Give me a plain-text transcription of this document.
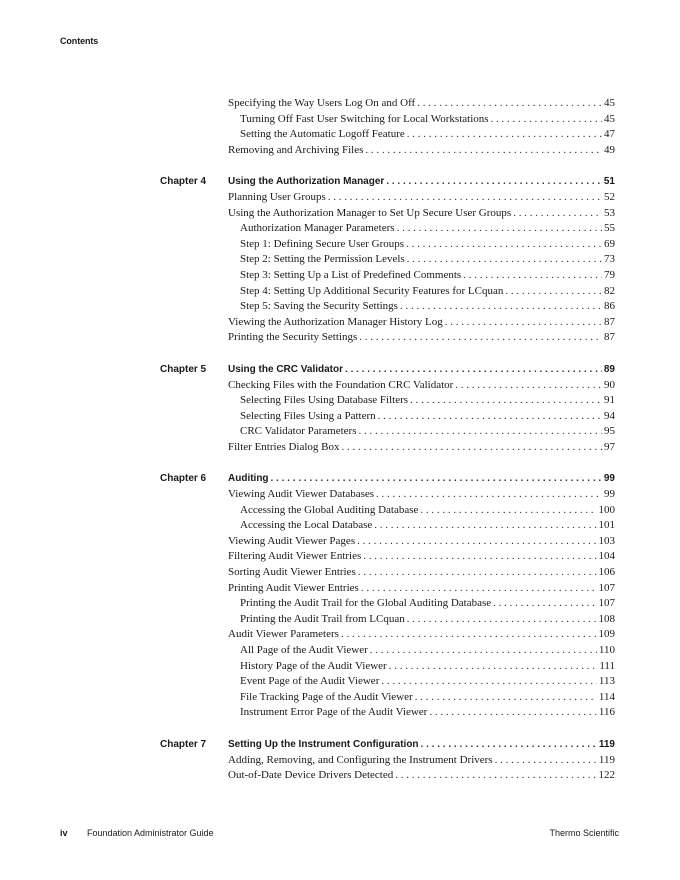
Contents
Specifying the Way Users Log On and Off . . .	45
Turning Off Fast User Switching for Local Workstations . . .	45
Setting the Automatic Logoff Feature . . .	47
Removing and Archiving Files . . .	49
Chapter 4	Using the Authorization Manager . . .	51
Planning User Groups . . .	52
Using the Authorization Manager to Set Up Secure User Groups . . .	53
Authorization Manager Parameters . . .	55
Step 1: Defining Secure User Groups . . .	69
Step 2: Setting the Permission Levels . . .	73
Step 3: Setting Up a List of Predefined Comments . . .	79
Step 4: Setting Up Additional Security Features for LCquan . . .	82
Step 5: Saving the Security Settings . . .	86
Viewing the Authorization Manager History Log . . .	87
Printing the Security Settings . . .	87
Chapter 5	Using the CRC Validator . . .	89
Checking Files with the Foundation CRC Validator . . .	90
Selecting Files Using Database Filters . . .	91
Selecting Files Using a Pattern . . .	94
CRC Validator Parameters . . .	95
Filter Entries Dialog Box . . .	97
Chapter 6	Auditing . . .	99
Viewing Audit Viewer Databases . . .	99
Accessing the Global Auditing Database . . .	100
Accessing the Local Database . . .	101
Viewing Audit Viewer Pages . . .	103
Filtering Audit Viewer Entries . . .	104
Sorting Audit Viewer Entries . . .	106
Printing Audit Viewer Entries . . .	107
Printing the Audit Trail for the Global Auditing Database . . .	107
Printing the Audit Trail from LCquan . . .	108
Audit Viewer Parameters . . .	109
All Page of the Audit Viewer . . .	110
History Page of the Audit Viewer . . .	111
Event Page of the Audit Viewer . . .	113
File Tracking Page of the Audit Viewer . . .	114
Instrument Error Page of the Audit Viewer . . .	116
Chapter 7	Setting Up the Instrument Configuration . . .	119
Adding, Removing, and Configuring the Instrument Drivers . . .	119
Out-of-Date Device Drivers Detected . . .	122
iv Foundation Administrator Guide	Thermo Scientific
